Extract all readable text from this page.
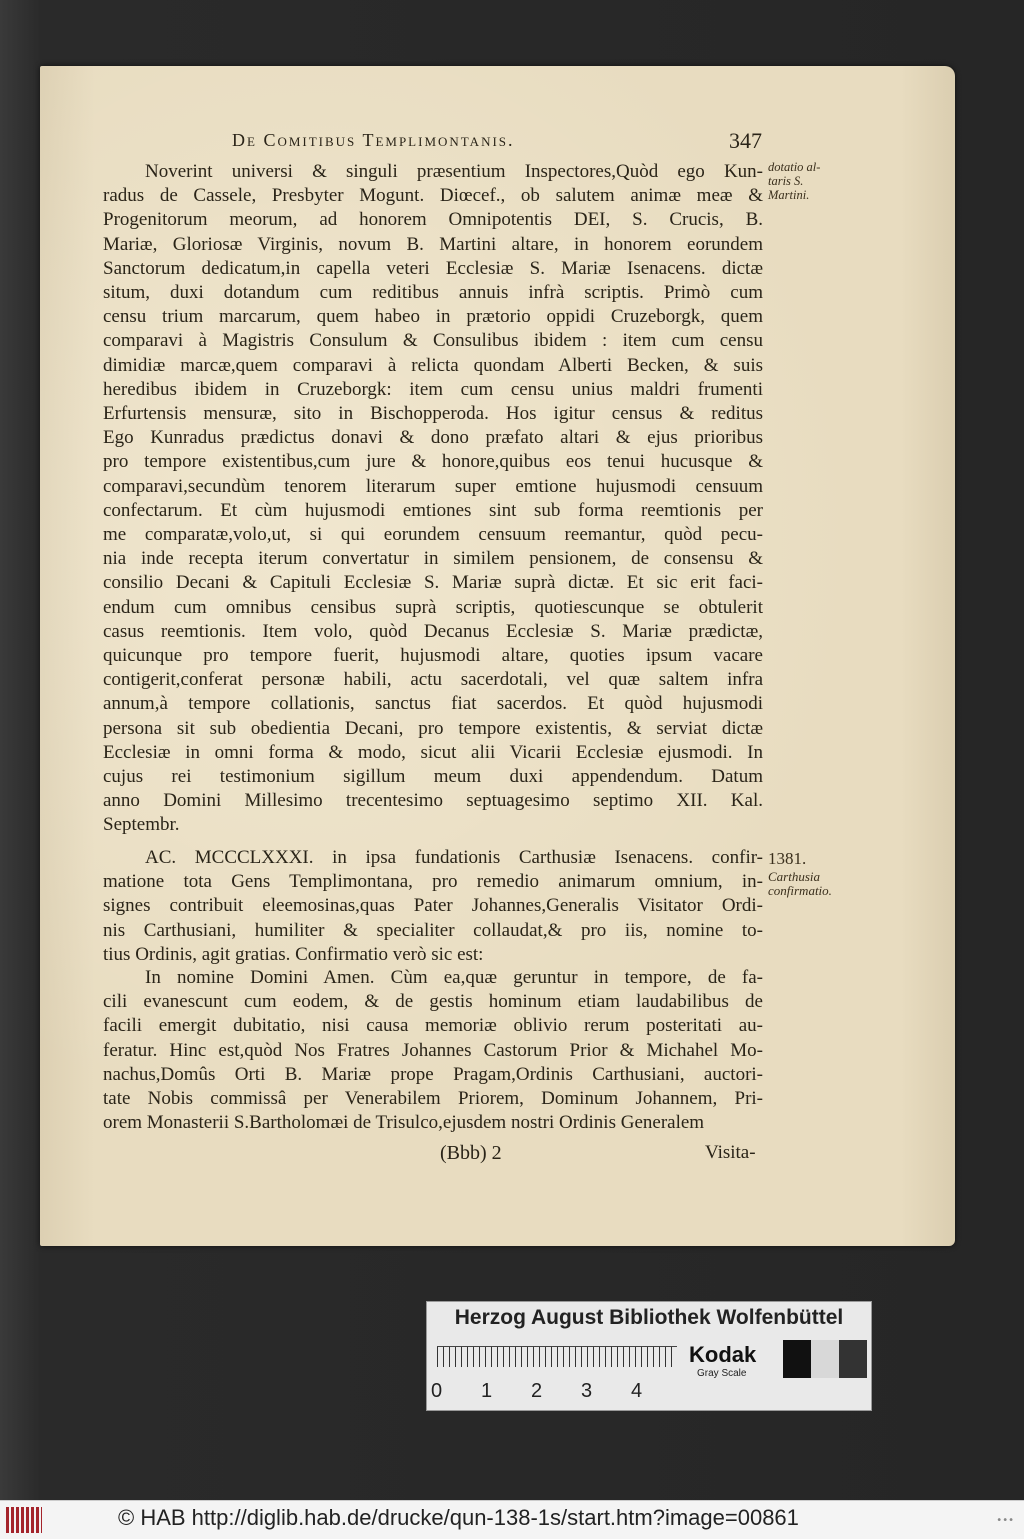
De Comitibus Templimontanis.	347
Noverint universi & singuli præsentium Inspectores,Quòd ego Kun-
radus de Cassele, Presbyter Mogunt. Diœcef., ob salutem animæ meæ &
Progenitorum meorum, ad honorem Omnipotentis DEI, S. Crucis, B.
Mariæ, Gloriosæ Virginis, novum B. Martini altare, in honorem eorundem
Sanctorum dedicatum,in capella veteri Ecclesiæ S. Mariæ Isenacens. dictæ
situm, duxi dotandum cum reditibus annuis infrà scriptis. Primò cum
censu trium marcarum, quem habeo in prætorio oppidi Cruzeborgk, quem
comparavi à Magistris Consulum & Consulibus ibidem : item cum censu
dimidiæ marcæ,quem comparavi à relicta quondam Alberti Becken, & suis
heredibus ibidem in Cruzeborgk: item cum censu unius maldri frumenti
Erfurtensis mensuræ, sito in Bischopperoda. Hos igitur census & reditus
Ego Kunradus prædictus donavi & dono præfato altari & ejus prioribus
pro tempore existentibus,cum jure & honore,quibus eos tenui hucusque &
comparavi,secundùm tenorem literarum super emtione hujusmodi censuum
confectarum. Et cùm hujusmodi emtiones sint sub forma reemtionis per
me comparatæ,volo,ut, si qui eorundem censuum reemantur, quòd pecu-
nia inde recepta iterum convertatur in similem pensionem, de consensu &
consilio Decani & Capituli Ecclesiæ S. Mariæ suprà dictæ. Et sic erit faci-
endum cum omnibus censibus suprà scriptis, quotiescunque se obtulerit
casus reemtionis. Item volo, quòd Decanus Ecclesiæ S. Mariæ prædictæ,
quicunque pro tempore fuerit, hujusmodi altare, quoties ipsum vacare
contigerit,conferat personæ habili, actu sacerdotali, vel quæ saltem infra
annum,à tempore collationis, sanctus fiat sacerdos. Et quòd hujusmodi
persona sit sub obedientia Decani, pro tempore existentis, & serviat dictæ
Ecclesiæ in omni forma & modo, sicut alii Vicarii Ecclesiæ ejusmodi. In
cujus rei testimonium sigillum meum duxi appendendum. Datum
anno Domini Millesimo trecentesimo septuagesimo septimo XII. Kal.
Septembr.
AC. MCCCLXXXI. in ipsa fundationis Carthusiæ Isenacens. confir-
matione tota Gens Templimontana, pro remedio animarum omnium, in-
signes contribuit eleemosinas,quas Pater Johannes,Generalis Visitator Ordi-
nis Carthusiani, humiliter & specialiter collaudat,& pro iis, nomine to-
tius Ordinis, agit gratias. Confirmatio verò sic est:
In nomine Domini Amen. Cùm ea,quæ geruntur in tempore, de fa-
cili evanescunt cum eodem, & de gestis hominum etiam laudabilibus de
facili emergit dubitatio, nisi causa memoriæ oblivio rerum posteritati au-
feratur. Hinc est,quòd Nos Fratres Johannes Castorum Prior & Michahel Mo-
nachus,Domûs Orti B. Mariæ prope Pragam,Ordinis Carthusiani, auctori-
tate Nobis commissâ per Venerabilem Priorem, Dominum Johannem, Pri-
orem Monasterii S.Bartholomæi de Trisulco,ejusdem nostri Ordinis Generalem
dotatio al-
taris S.
Martini.
1381.
Carthusia
confirmatio.
(Bbb) 2	Visita-
Herzog August Bibliothek Wolfenbüttel
0 1 2 3 4
Kodak
Gray Scale
© HAB http://diglib.hab.de/drucke/qun-138-1s/start.htm?image=00861	•••
